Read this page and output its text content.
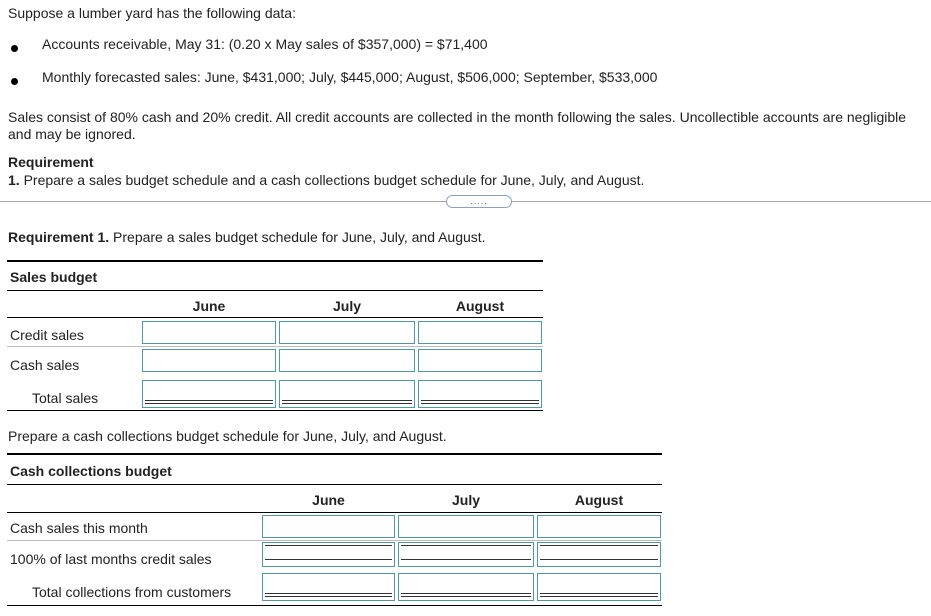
Suppose a lumber yard has the following data:
Accounts receivable, May 31: (0.20 x May sales of $357,000) = $71,400
Monthly forecasted sales: June, $431,000; July, $445,000; August, $506,000; September, $533,000
Sales consist of 80% cash and 20% credit. All credit accounts are collected in the month following the sales. Uncollectible accounts are negligible and may be ignored.
Requirement
1. Prepare a sales budget schedule and a cash collections budget schedule for June, July, and August.
.....
Requirement 1. Prepare a sales budget schedule for June, July, and August.
Sales budget
June	July	August
Credit sales
Cash sales
Total sales
Prepare a cash collections budget schedule for June, July, and August.
Cash collections budget
June	July	August
Cash sales this month
100% of last months credit sales
Total collections from customers
